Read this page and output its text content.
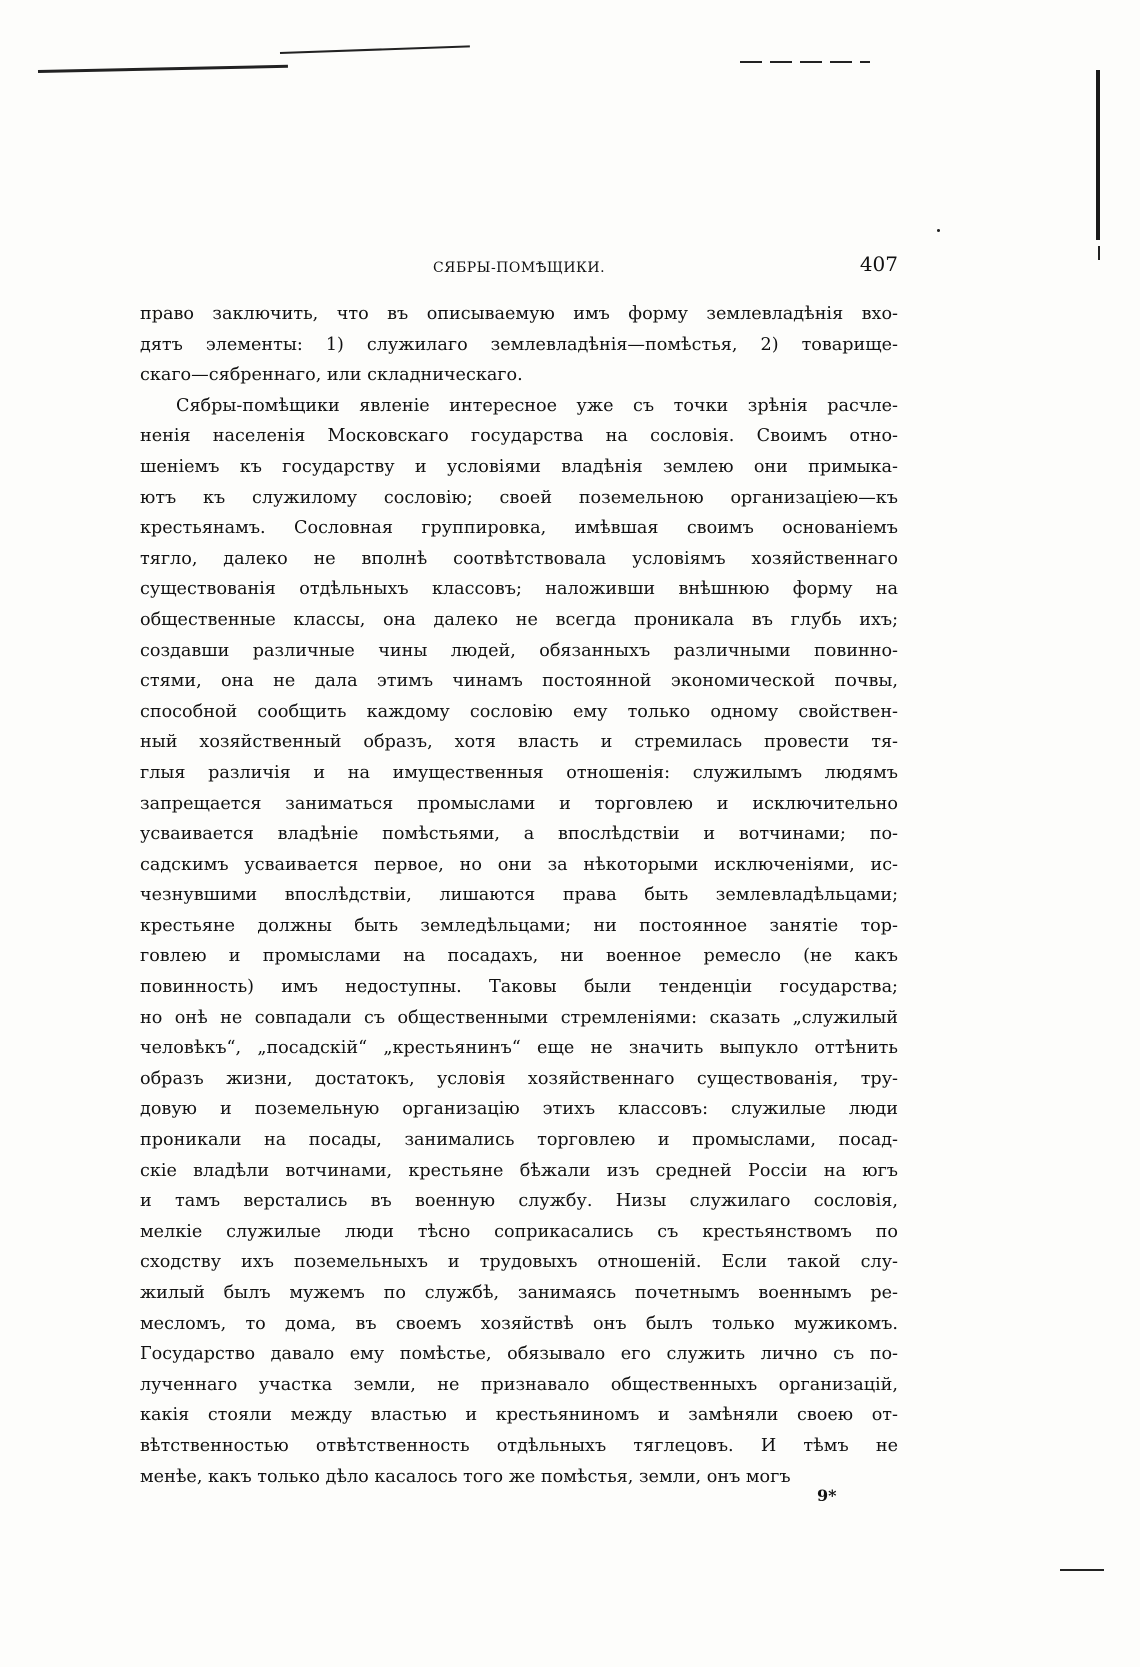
СЯБРЫ-ПОМѢЩИКИ.	407
право заключить, что въ описываемую имъ форму землевладѣнія вхо-
дятъ элементы: 1) служилаго землевладѣнія—помѣстья, 2) товарище-
скаго—сябреннаго, или складническаго.
Сябры-помѣщики явленіе интересное уже съ точки зрѣнія расчле-
ненія населенія Московскаго государства на сословія. Своимъ отно-
шеніемъ къ государству и условіями владѣнія землею они примыка-
ютъ къ служилому сословію; своей поземельною организаціею—къ
крестьянамъ. Сословная группировка, имѣвшая своимъ основаніемъ
тягло, далеко не вполнѣ соотвѣтствовала условіямъ хозяйственнаго
существованія отдѣльныхъ классовъ; наложивши внѣшнюю форму на
общественные классы, она далеко не всегда проникала въ глубь ихъ;
создавши различные чины людей, обязанныхъ различными повинно-
стями, она не дала этимъ чинамъ постоянной экономической почвы,
способной сообщить каждому сословію ему только одному свойствен-
ный хозяйственный образъ, хотя власть и стремилась провести тя-
глыя различія и на имущественныя отношенія: служилымъ людямъ
запрещается заниматься промыслами и торговлею и исключительно
усваивается владѣніе помѣстьями, а впослѣдствіи и вотчинами; по-
садскимъ усваивается первое, но они за нѣкоторыми исключеніями, ис-
чезнувшими впослѣдствіи, лишаются права быть землевладѣльцами;
крестьяне должны быть земледѣльцами; ни постоянное занятіе тор-
говлею и промыслами на посадахъ, ни военное ремесло (не какъ
повинность) имъ недоступны. Таковы были тенденціи государства;
но онѣ не совпадали съ общественными стремленіями: сказать „служилый
человѣкъ“, „посадскій“ „крестьянинъ“ еще не значить выпукло оттѣнить
образъ жизни, достатокъ, условія хозяйственнаго существованія, тру-
довую и поземельную организацію этихъ классовъ: служилые люди
проникали на посады, занимались торговлею и промыслами, посад-
скіе владѣли вотчинами, крестьяне бѣжали изъ средней Россіи на югъ
и тамъ верстались въ военную службу. Низы служилаго сословія,
мелкіе служилые люди тѣсно соприкасались съ крестьянствомъ по
сходству ихъ поземельныхъ и трудовыхъ отношеній. Если такой слу-
жилый былъ мужемъ по службѣ, занимаясь почетнымъ военнымъ ре-
месломъ, то дома, въ своемъ хозяйствѣ онъ былъ только мужикомъ.
Государство давало ему помѣстье, обязывало его служить лично съ по-
лученнаго участка земли, не признавало общественныхъ организацій,
какія стояли между властью и крестьяниномъ и замѣняли своею от-
вѣтственностью отвѣтственность отдѣльныхъ тяглецовъ. И тѣмъ не
менѣе, какъ только дѣло касалось того же помѣстья, земли, онъ могъ
9*
